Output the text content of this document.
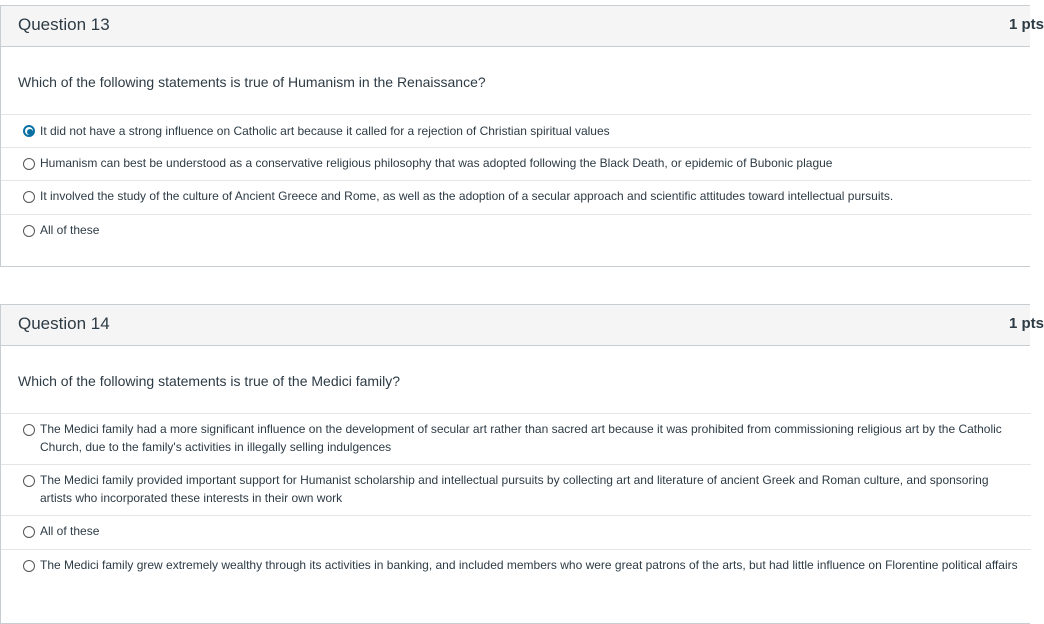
Question 13	1 pts
Which of the following statements is true of Humanism in the Renaissance?
It did not have a strong influence on Catholic art because it called for a rejection of Christian spiritual values
Humanism can best be understood as a conservative religious philosophy that was adopted following the Black Death, or epidemic of Bubonic plague
It involved the study of the culture of Ancient Greece and Rome, as well as the adoption of a secular approach and scientific attitudes toward intellectual pursuits.
All of these
Question 14	1 pts
Which of the following statements is true of the Medici family?
The Medici family had a more significant influence on the development of secular art rather than sacred art because it was prohibited from commissioning religious art by the Catholic Church, due to the family's activities in illegally selling indulgences
The Medici family provided important support for Humanist scholarship and intellectual pursuits by collecting art and literature of ancient Greek and Roman culture, and sponsoring artists who incorporated these interests in their own work
All of these
The Medici family grew extremely wealthy through its activities in banking, and included members who were great patrons of the arts, but had little influence on Florentine political affairs
